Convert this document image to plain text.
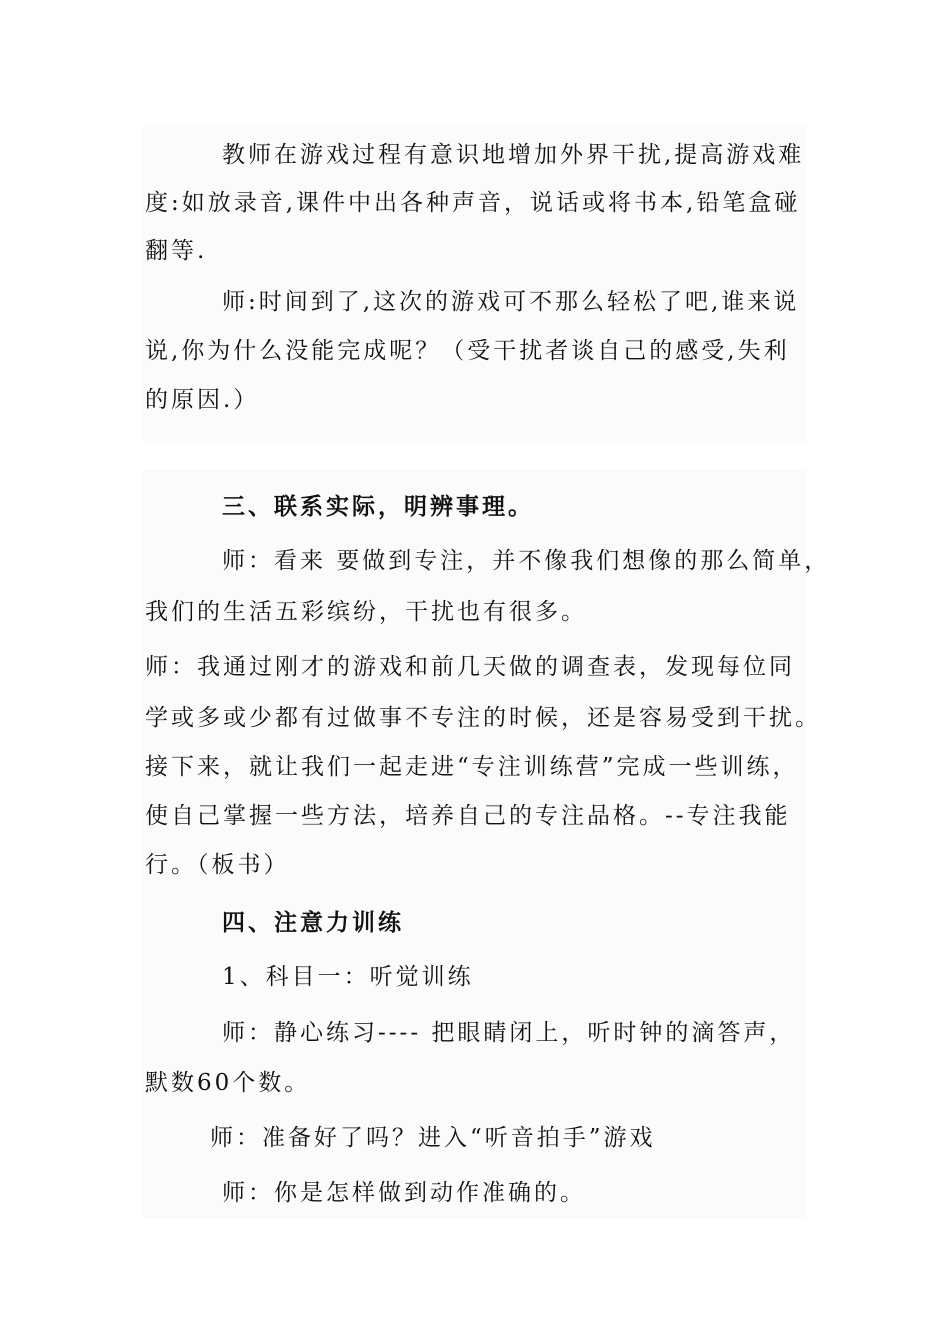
教师在游戏过程有意识地增加外界干扰,提高游戏难
度:如放录音,课件中出各种声音，说话或将书本,铅笔盒碰
翻等.
师:时间到了,这次的游戏可不那么轻松了吧,谁来说
说,你为什么没能完成呢？（受干扰者谈自己的感受,失利
的原因.）
三、联系实际，明辨事理。
师：看来 要做到专注，并不像我们想像的那么简单，
我们的生活五彩缤纷，干扰也有很多。
师：我通过刚才的游戏和前几天做的调查表，发现每位同
学或多或少都有过做事不专注的时候，还是容易受到干扰。
接下来，就让我们一起走进“专注训练营”完成一些训练，
使自己掌握一些方法，培养自己的专注品格。--专注我能
行。（板书）
四、注意力训练
1、科目一：听觉训练
师：静心练习---- 把眼睛闭上，听时钟的滴答声，
默数60个数。
师：准备好了吗？进入“听音拍手”游戏
师：你是怎样做到动作准确的。
